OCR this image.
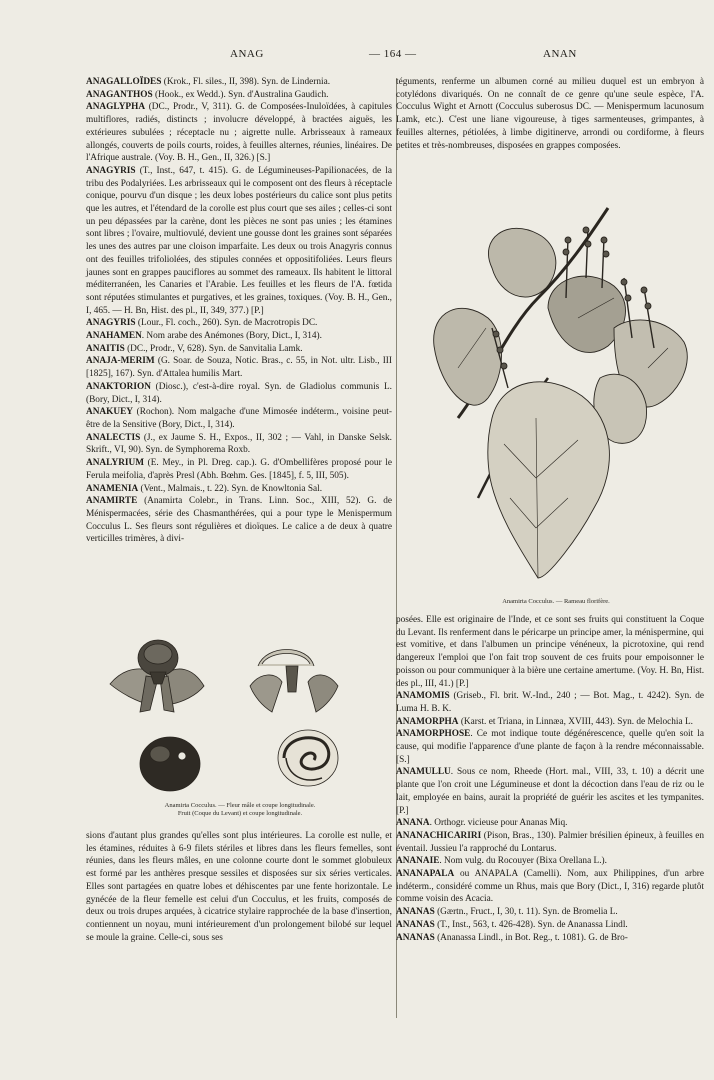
ANAG	— 164 —	ANAN

ANAGALLOÏDES (Krok., Fl. siles., II, 398). Syn. de Lindernia.

ANAGANTHOS (Hook., ex Wedd.). Syn. d'Australina Gaudich.

ANAGLYPHA (DC., Prodr., V, 311). G. de Composées-Inuloïdées, à capitules multiflores, radiés, distincts ; involucre développé, à bractées aiguës, les extérieures subulées ; réceptacle nu ; aigrette nulle. Arbrisseaux à rameaux allongés, couverts de poils courts, roides, à feuilles alternes, réunies, linéaires. De l'Afrique australe. (Voy. B. H., Gen., II, 326.) [S.]

ANAGYRIS (T., Inst., 647, t. 415). G. de Légumineuses-Papilionacées, de la tribu des Podalyriées. Les arbrisseaux qui le composent ont des fleurs à réceptacle conique, pourvu d'un disque ; les deux lobes postérieurs du calice sont plus petits que les autres, et l'étendard de la corolle est plus court que ses ailes ; celles-ci sont un peu dépassées par la carène, dont les pièces ne sont pas unies ; les étamines sont libres ; l'ovaire, multiovulé, devient une gousse dont les graines sont séparées les unes des autres par une cloison imparfaite. Les deux ou trois Anagyris connus ont des feuilles trifoliolées, des stipules connées et oppositifoliées. Leurs fleurs jaunes sont en grappes pauciflores au sommet des rameaux. Ils habitent le littoral méditerranéen, les Canaries et l'Arabie. Les feuilles et les fleurs de l'A. fœtida sont réputées stimulantes et purgatives, et les graines, toxiques. (Voy. B. H., Gen., I, 465. — H. Bn, Hist. des pl., II, 349, 377.) [P.]

ANAGYRIS (Lour., Fl. coch., 260). Syn. de Macrotropis DC.

ANAHAMEN. Nom arabe des Anémones (Bory, Dict., I, 314).

ANAITIS (DC., Prodr., V, 628). Syn. de Sanvitalia Lamk.

ANAJA-MERIM (G. Soar. de Souza, Notic. Bras., c. 55, in Not. ultr. Lisb., III [1825], 167). Syn. d'Attalea humilis Mart.

ANAKTORION (Diosc.), c'est-à-dire royal. Syn. de Gladiolus communis L. (Bory, Dict., I, 314).

ANAKUEY (Rochon). Nom malgache d'une Mimosée indéterm., voisine peut-être de la Sensitive (Bory, Dict., I, 314).

ANALECTIS (J., ex Jaume S. H., Expos., II, 302 ; — Vahl, in Danske Selsk. Skrift., VI, 90). Syn. de Symphorema Roxb.

ANALYRIUM (E. Mey., in Pl. Dreg. cap.). G. d'Ombellifères proposé pour le Ferula meifolia, d'après Presl (Abh. Bœhm. Ges. [1845], f. 5, III, 505).

ANAMENIA (Vent., Malmais., t. 22). Syn. de Knowltonia Sal.

ANAMIRTE (Anamirta Colebr., in Trans. Linn. Soc., XIII, 52). G. de Ménispermacées, série des Chasmanthérées, qui a pour type le Menispermum Cocculus L. Ses fleurs sont régulières et dioïques. Le calice a de deux à quatre verticilles trimères, à divi-

Anamirta Cocculus. — Fleur mâle et coupe longitudinale.
Fruit (Coque du Levant) et coupe longitudinale.
sions d'autant plus grandes qu'elles sont plus intérieures. La corolle est nulle, et les étamines, réduites à 6-9 filets stériles et libres dans les fleurs femelles, sont réunies, dans les fleurs mâles, en une colonne courte dont le sommet globuleux est formé par les anthères presque sessiles et disposées sur six séries verticales. Elles sont partagées en quatre lobes et déhiscentes par une fente horizontale. Le gynécée de la fleur femelle est celui d'un Cocculus, et les fruits, composés de deux ou trois drupes arquées, à cicatrice stylaire rapprochée de la base d'insertion, contiennent un noyau, muni intérieurement d'un prolongement bilobé sur lequel se moule la graine. Celle-ci, sous ses
téguments, renferme un albumen corné au milieu duquel est un embryon à cotylédons divariqués. On ne connaît de ce genre qu'une seule espèce, l'A. Cocculus Wight et Arnott (Cocculus suberosus DC. — Menispermum lacunosum Lamk, etc.). C'est une liane vigoureuse, à tiges sarmenteuses, grimpantes, à feuilles alternes, pétiolées, à limbe digitinerve, arrondi ou cordiforme, à fleurs petites et très-nombreuses, disposées en grappes composées.
Anamirta Cocculus. — Rameau florifère.

posées. Elle est originaire de l'Inde, et ce sont ses fruits qui constituent la Coque du Levant. Ils renferment dans le péricarpe un principe amer, la ménispermine, qui est vomitive, et dans l'albumen un principe vénéneux, la picrotoxine, qui rend dangereux l'emploi que l'on fait trop souvent de ces fruits pour empoisonner le poisson ou pour communiquer à la bière une certaine amertume. (Voy. H. Bn, Hist. des pl., III, 41.) [P.]

ANAMOMIS (Griseb., Fl. brit. W.-Ind., 240 ; — Bot. Mag., t. 4242). Syn. de Luma H. B. K.

ANAMORPHA (Karst. et Triana, in Linnæa, XVIII, 443). Syn. de Melochia L.

ANAMORPHOSE. Ce mot indique toute dégénérescence, quelle qu'en soit la cause, qui modifie l'apparence d'une plante de façon à la rendre méconnaissable. [S.]

ANAMULLU. Sous ce nom, Rheede (Hort. mal., VIII, 33, t. 10) a décrit une plante que l'on croit une Légumineuse et dont la décoction dans l'eau de riz ou le lait, employée en bains, aurait la propriété de guérir les ascites et les tympanites. [P.]

ANANA. Orthogr. vicieuse pour Ananas Miq.

ANANACHICARIRI (Pison, Bras., 130). Palmier brésilien épineux, à feuilles en éventail. Jussieu l'a rapproché du Lontarus.

ANANAIE. Nom vulg. du Rocouyer (Bixa Orellana L.).

ANANAPALA ou ANAPALA (Camelli). Nom, aux Philippines, d'un arbre indéterm., considéré comme un Rhus, mais que Bory (Dict., I, 316) regarde plutôt comme voisin des Acacia.

ANANAS (Gærtn., Fruct., I, 30, t. 11). Syn. de Bromelia L.

ANANAS (T., Inst., 563, t. 426-428). Syn. de Ananassa Lindl.

ANANAS (Ananassa Lindl., in Bot. Reg., t. 1081). G. de Bro-
